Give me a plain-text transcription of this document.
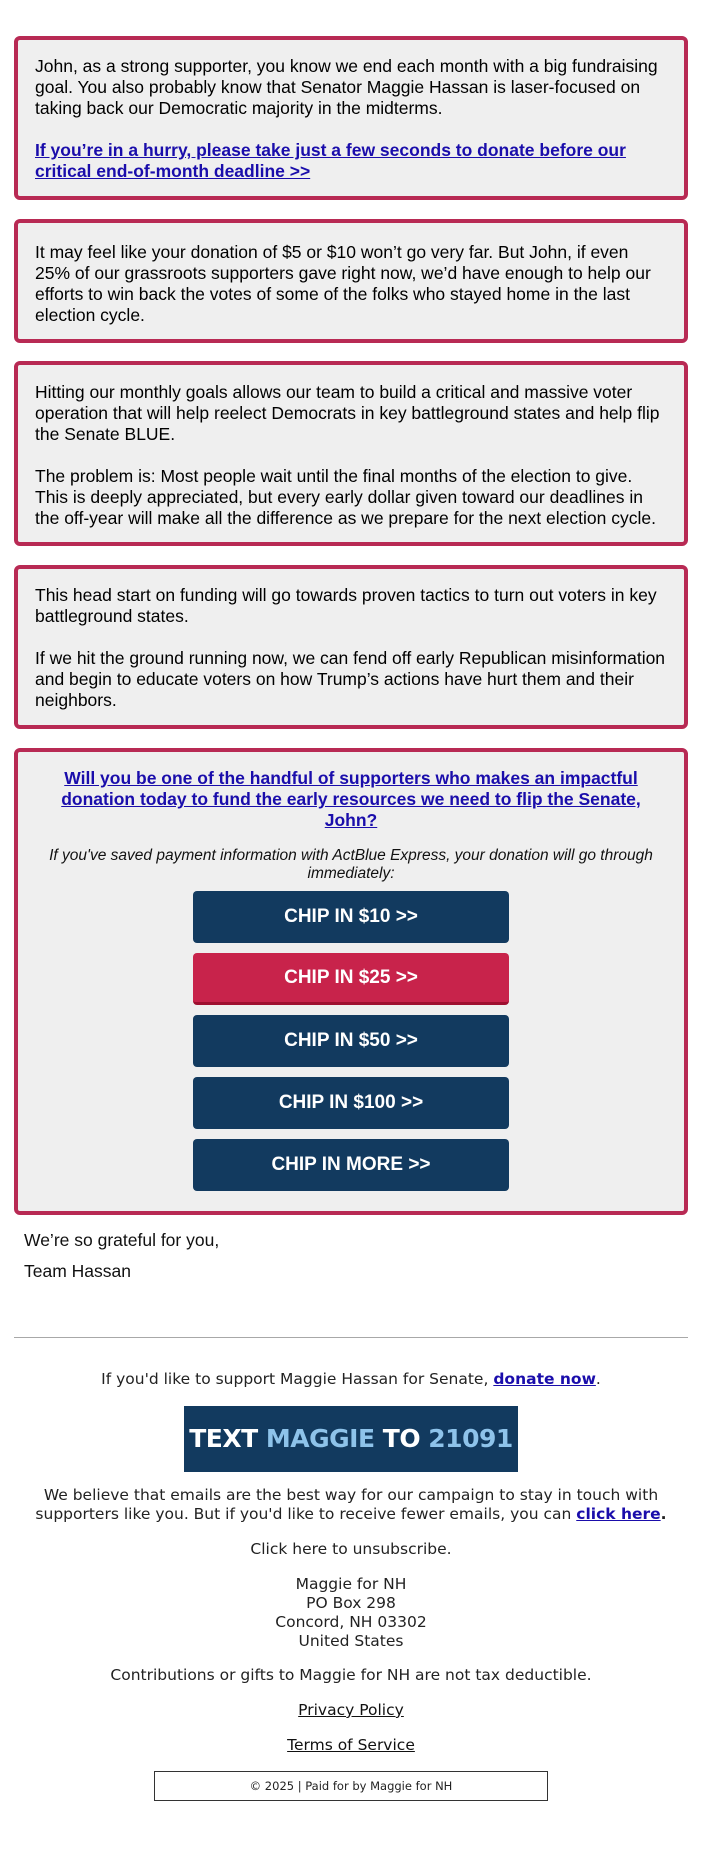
John, as a strong supporter, you know we end each month with a big fundraising goal. You also probably know that Senator Maggie Hassan is laser-focused on taking back our Democratic majority in the midterms.

If you’re in a hurry, please take just a few seconds to donate before our critical end-of-month deadline >>

It may feel like your donation of $5 or $10 won’t go very far. But John, if even 25% of our grassroots supporters gave right now, we’d have enough to help our efforts to win back the votes of some of the folks who stayed home in the last election cycle.

Hitting our monthly goals allows our team to build a critical and massive voter operation that will help reelect Democrats in key battleground states and help flip the Senate BLUE.

The problem is: Most people wait until the final months of the election to give. This is deeply appreciated, but every early dollar given toward our deadlines in the off-year will make all the difference as we prepare for the next election cycle.

This head start on funding will go towards proven tactics to turn out voters in key battleground states.

If we hit the ground running now, we can fend off early Republican misinformation and begin to educate voters on how Trump’s actions have hurt them and their neighbors.

Will you be one of the handful of supporters who makes an impactful donation today to fund the early resources we need to flip the Senate, John?
If you've saved payment information with ActBlue Express, your donation will go through immediately:
CHIP IN $10 >>
CHIP IN $25 >>
CHIP IN $50 >>
CHIP IN $100 >>
CHIP IN MORE >>
We’re so grateful for you,
Team Hassan

If you'd like to support Maggie Hassan for Senate, donate now.

TEXT MAGGIE TO 21091

We believe that emails are the best way for our campaign to stay in touch with supporters like you. But if you'd like to receive fewer emails, you can click here.

Click here to unsubscribe.

Maggie for NH

PO Box 298

Concord, NH 03302

United States

Contributions or gifts to Maggie for NH are not tax deductible.

Privacy Policy

Terms of Service

© 2025 | Paid for by Maggie for NH
